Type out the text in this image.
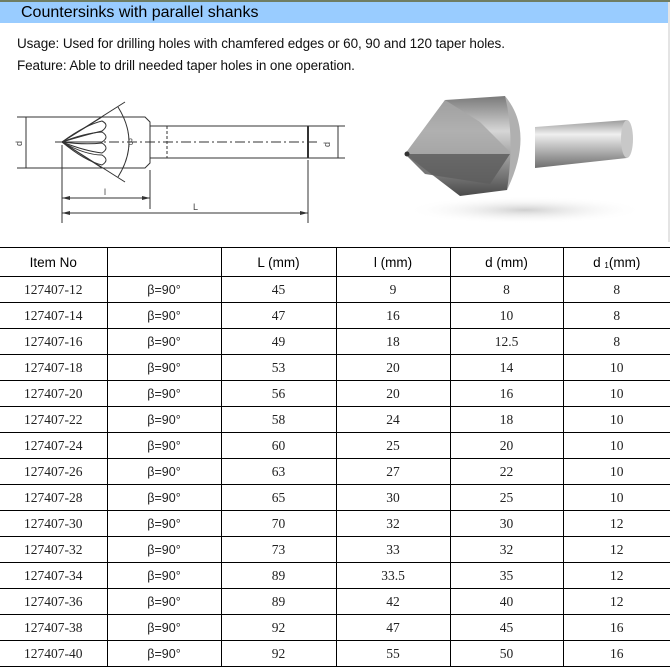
Countersinks with parallel shanks
Usage: Used for drilling holes with chamfered edges or 60, 90 and 120 taper holes.
Feature: Able to drill needed taper holes in one operation.
d	β	d
l
L
Item No		L (mm)	l (mm)	d (mm)	d $_1$(mm)
127407-12	β=90°	45	9	8	8
127407-14	β=90°	47	16	10	8
127407-16	β=90°	49	18	12.5	8
127407-18	β=90°	53	20	14	10
127407-20	β=90°	56	20	16	10
127407-22	β=90°	58	24	18	10
127407-24	β=90°	60	25	20	10
127407-26	β=90°	63	27	22	10
127407-28	β=90°	65	30	25	10
127407-30	β=90°	70	32	30	12
127407-32	β=90°	73	33	32	12
127407-34	β=90°	89	33.5	35	12
127407-36	β=90°	89	42	40	12
127407-38	β=90°	92	47	45	16
127407-40	β=90°	92	55	50	16
